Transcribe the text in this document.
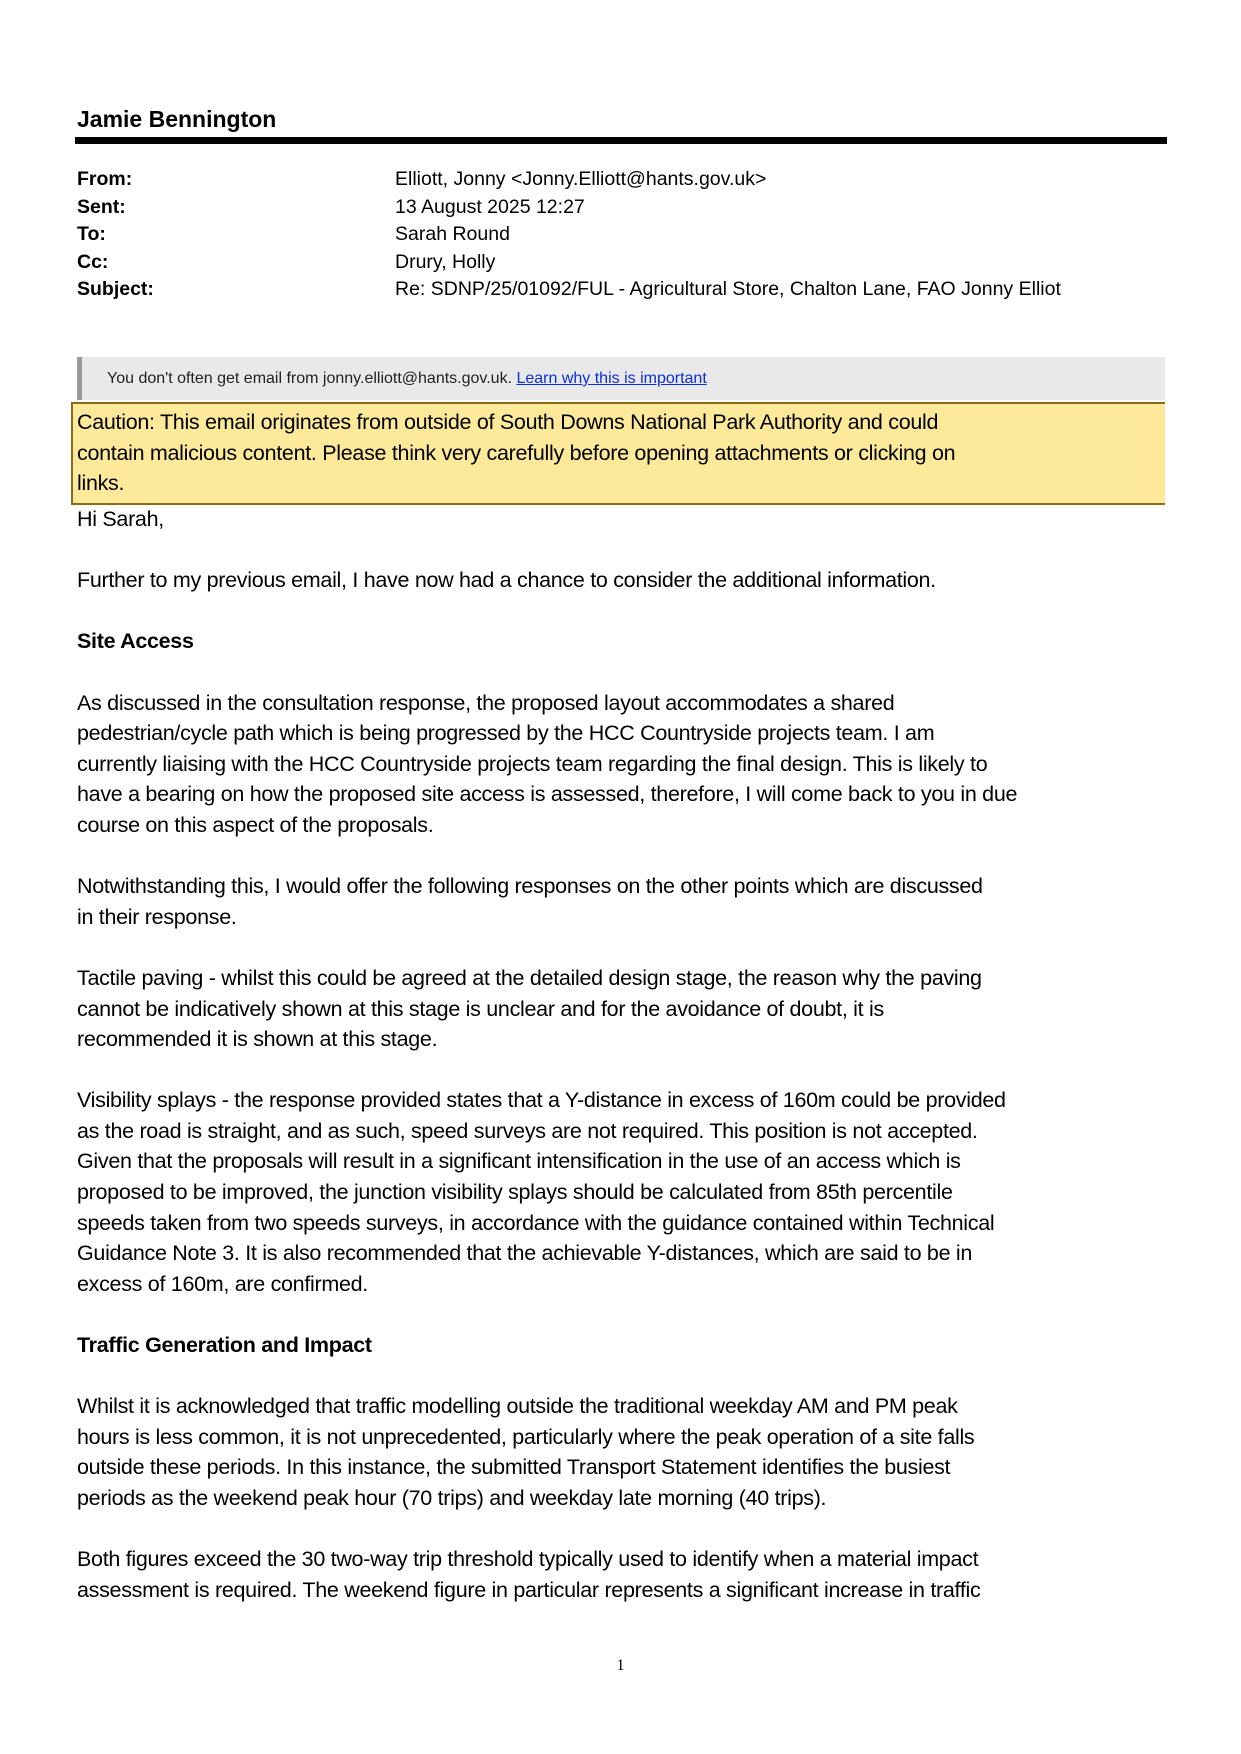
Jamie Bennington
From:	Elliott, Jonny <Jonny.Elliott@hants.gov.uk>
Sent:	13 August 2025 12:27
To:	Sarah Round
Cc:	Drury, Holly
Subject:	Re: SDNP/25/01092/FUL - Agricultural Store, Chalton Lane, FAO Jonny Elliot
You don't often get email from jonny.elliott@hants.gov.uk. Learn why this is important
Caution: This email originates from outside of South Downs National Park Authority and could
contain malicious content. Please think very carefully before opening attachments or clicking on
links.
Hi Sarah,
Further to my previous email, I have now had a chance to consider the additional information.
Site Access
As discussed in the consultation response, the proposed layout accommodates a shared
pedestrian/cycle path which is being progressed by the HCC Countryside projects team. I am
currently liaising with the HCC Countryside projects team regarding the final design. This is likely to
have a bearing on how the proposed site access is assessed, therefore, I will come back to you in due
course on this aspect of the proposals.
Notwithstanding this, I would offer the following responses on the other points which are discussed
in their response.
Tactile paving - whilst this could be agreed at the detailed design stage, the reason why the paving
cannot be indicatively shown at this stage is unclear and for the avoidance of doubt, it is
recommended it is shown at this stage.
Visibility splays - the response provided states that a Y-distance in excess of 160m could be provided
as the road is straight, and as such, speed surveys are not required. This position is not accepted.
Given that the proposals will result in a significant intensification in the use of an access which is
proposed to be improved, the junction visibility splays should be calculated from 85th percentile
speeds taken from two speeds surveys, in accordance with the guidance contained within Technical
Guidance Note 3. It is also recommended that the achievable Y-distances, which are said to be in
excess of 160m, are confirmed.
Traffic Generation and Impact
Whilst it is acknowledged that traffic modelling outside the traditional weekday AM and PM peak
hours is less common, it is not unprecedented, particularly where the peak operation of a site falls
outside these periods. In this instance, the submitted Transport Statement identifies the busiest
periods as the weekend peak hour (70 trips) and weekday late morning (40 trips).
Both figures exceed the 30 two-way trip threshold typically used to identify when a material impact
assessment is required. The weekend figure in particular represents a significant increase in traffic
1
